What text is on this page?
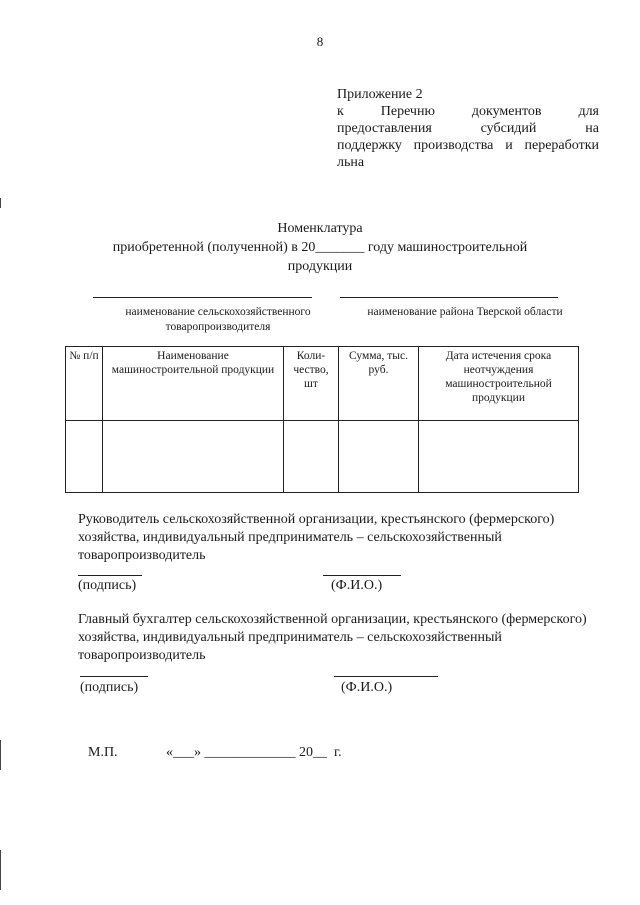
8
Приложение 2
к Перечню документов для
предоставления субсидий на
поддержку производства и переработки
льна
Номенклатура
приобретенной (полученной) в 20_______ году машиностроительной
продукции
наименование сельскохозяйственного товаропроизводителя
наименование района Тверской области
№ п/п	Наименование машиностроительной продукции	Коли-чество, шт	Сумма, тыс. руб.	Дата истечения срока неотчуждения машиностроительной продукции

Руководитель сельскохозяйственной организации, крестьянского (фермерского) хозяйства, индивидуальный предприниматель – сельскохозяйственный товаропроизводитель
(подпись)	(Ф.И.О.)
Главный бухгалтер сельскохозяйственной организации, крестьянского (фермерского) хозяйства, индивидуальный предприниматель – сельскохозяйственный товаропроизводитель
(подпись)	(Ф.И.О.)
М.П.	«___» _____________ 20__  г.
